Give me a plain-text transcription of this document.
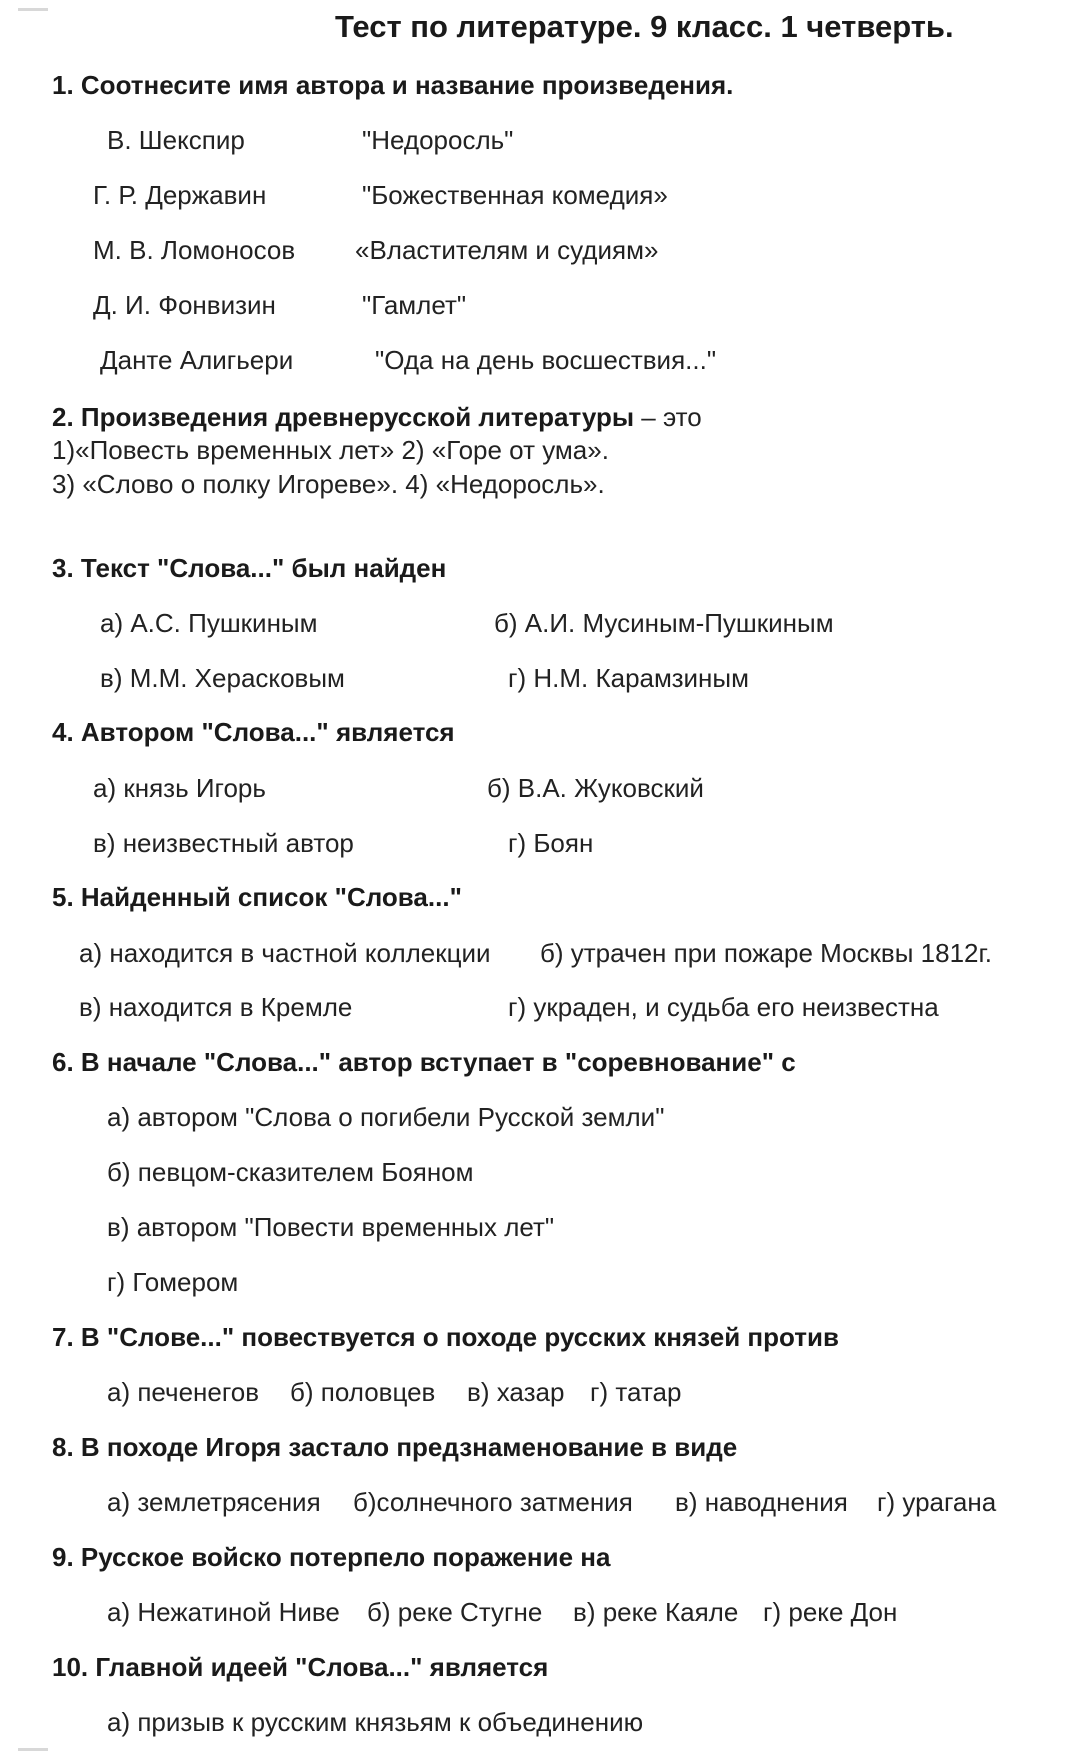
Тест по литературе. 9 класс. 1 четверть.
1. Соотнесите имя автора и название произведения.
В. Шекспир	"Недоросль"
Г. Р. Державин	"Божественная комедия»
М. В. Ломоносов «Властителям и судиям»
Д. И. Фонвизин	"Гамлет"
Данте Алигьери	"Ода на день восшествия..."
2. Произведения древнерусской литературы – это
1)«Повесть временных лет» 2) «Горе от ума».
3) «Слово о полку Игореве». 4) «Недоросль».
3. Текст "Слова..." был найден
а) А.С. Пушкиным	б) А.И. Мусиным-Пушкиным
в) М.М. Херасковым	г) Н.М. Карамзиным
4. Автором "Слова..." является
а) князь Игорь	б) В.А. Жуковский
в) неизвестный автор	г) Боян
5. Найденный список "Слова..."
а) находится в частной коллекции б) утрачен при пожаре Москвы 1812г.
в) находится в Кремле	г) украден, и судьба его неизвестна
6. В начале "Слова..." автор вступает в "соревнование" с
а) автором "Слова о погибели Русской земли"
б) певцом-сказителем Бояном
в) автором "Повести временных лет"
г) Гомером
7. В "Слове..." повествуется о походе русских князей против
а) печенегов б) половцев в) хазар г) татар
8. В походе Игоря застало предзнаменование в виде
а) землетрясения б)солнечного затмения в) наводнения г) урагана
9. Русское войско потерпело поражение на
а) Нежатиной Ниве б) реке Стугне в) реке Каяле г) реке Дон
10. Главной идеей "Слова..." является
а) призыв к русским князьям к объединению
